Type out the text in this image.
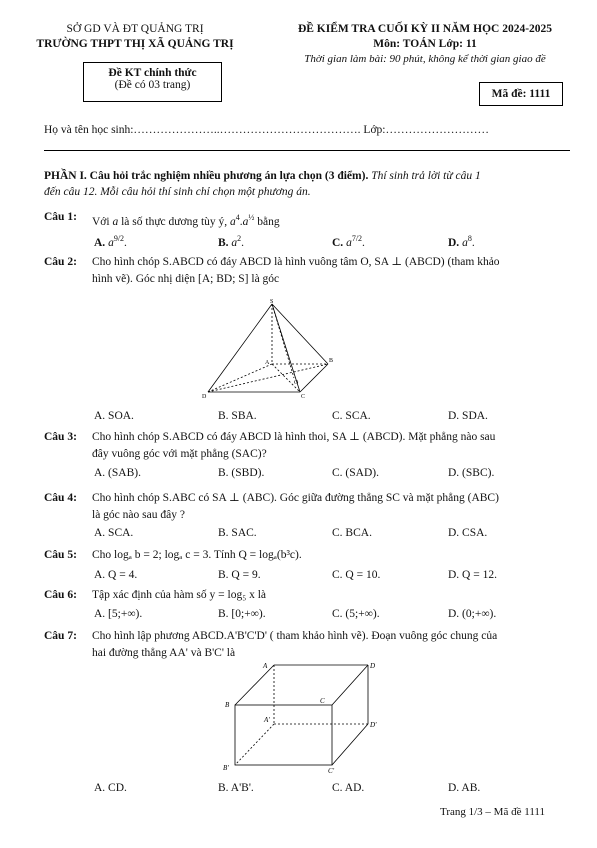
SỞ GD VÀ ĐT QUẢNG TRỊ
TRƯỜNG THPT THỊ XÃ QUẢNG TRỊ
ĐỀ KIỂM TRA CUỐI KỲ II NĂM HỌC 2024-2025
Môn: TOÁN Lớp: 11
Thời gian làm bài: 90 phút, không kể thời gian giao đề
Đề KT chính thức
(Đề có 03 trang)
Mã đề: 1111
Họ và tên học sinh:…………………..………………………………. Lớp:………………………
PHẦN I. Câu hỏi trắc nghiệm nhiều phương án lựa chọn (3 điểm). Thí sinh trả lời từ câu 1
đến câu 12. Mỗi câu hỏi thí sinh chỉ chọn một phương án.
Câu 1: Với a là số thực dương tùy ý, $a^4.a^{\frac{1}{2}}$ bằng
A. $a^{9/2}$.	B. $a^2$.	C. $a^{7/2}$.	D. $a^8$.
Câu 2: Cho hình chóp S.ABCD có đáy ABCD là hình vuông tâm O, SA ⊥ (ABCD) (tham khảo
hình vẽ). Góc nhị diện [A; BD; S] là góc
S
A	B
C
D
O
A. SOA.	B. SBA.	C. SCA.	D. SDA.
Câu 3: Cho hình chóp S.ABCD có đáy ABCD là hình thoi, SA ⊥ (ABCD). Mặt phẳng nào sau
đây vuông góc với mặt phẳng (SAC)?
A. (SAB).	B. (SBD).	C. (SAD).	D. (SBC).
Câu 4: Cho hình chóp S.ABC có SA ⊥ (ABC). Góc giữa đường thẳng SC và mặt phẳng (ABC)
là góc nào sau đây ?
A. SCA.	B. SAC.	C. BCA.	D. CSA.
Câu 5: Cho logₐ b = 2; logₐ c = 3. Tính Q = logₐ(b³c).
A. Q = 4.	B. Q = 9.	C. Q = 10.	D. Q = 12.
Câu 6: Tập xác định của hàm số y = log₅ x là
A. [5;+∞).	B. [0;+∞).	C. (5;+∞).	D. (0;+∞).
Câu 7: Cho hình lập phương ABCD.A'B'C'D' ( tham khảo hình vẽ). Đoạn vuông góc chung của
hai đường thẳng AA' và B'C' là
A
B	C
D
A'
B'	C'
D'
A. CD.	B. A'B'.	C. AD.	D. AB.
Trang 1/3 – Mã đề 1111
